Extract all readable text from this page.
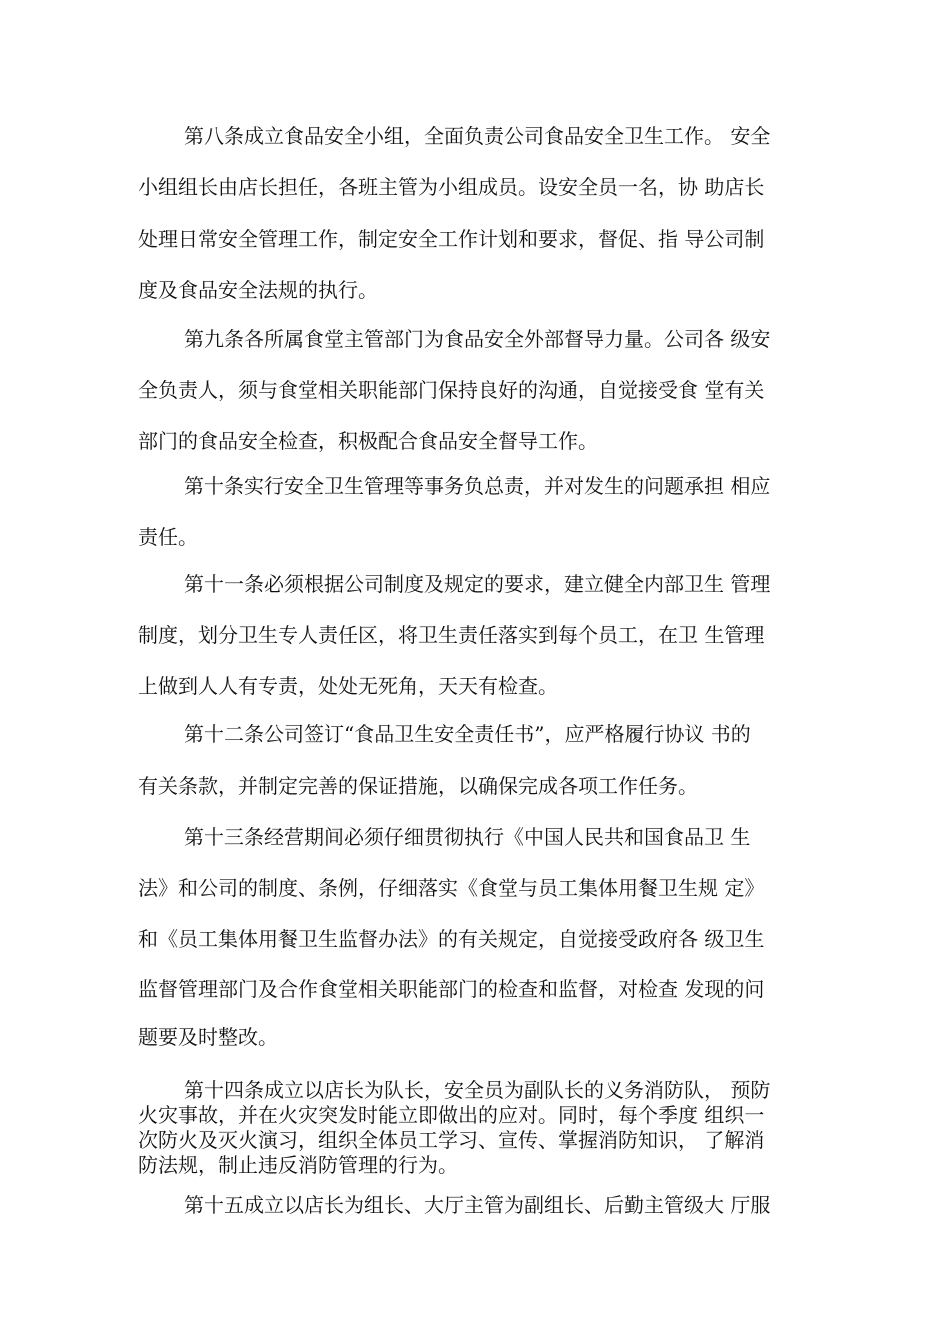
第八条成立食品安全小组，全面负责公司食品安全卫生工作。 安全
小组组长由店长担任，各班主管为小组成员。设安全员一名，协 助店长
处理日常安全管理工作，制定安全工作计划和要求，督促、指 导公司制
度及食品安全法规的执行。
第九条各所属食堂主管部门为食品安全外部督导力量。公司各 级安
全负责人，须与食堂相关职能部门保持良好的沟通，自觉接受食 堂有关
部门的食品安全检查，积极配合食品安全督导工作。
第十条实行安全卫生管理等事务负总责，并对发生的问题承担 相应
责任。
第十一条必须根据公司制度及规定的要求，建立健全内部卫生 管理
制度，划分卫生专人责任区，将卫生责任落实到每个员工，在卫 生管理
上做到人人有专责，处处无死角，天天有检查。
第十二条公司签订“食品卫生安全责任书”，应严格履行协议 书的
有关条款，并制定完善的保证措施，以确保完成各项工作任务。
第十三条经营期间必须仔细贯彻执行《中国人民共和国食品卫 生
法》和公司的制度、条例，仔细落实《食堂与员工集体用餐卫生规 定》
和《员工集体用餐卫生监督办法》的有关规定，自觉接受政府各 级卫生
监督管理部门及合作食堂相关职能部门的检查和监督，对检查 发现的问
题要及时整改。
第十四条成立以店长为队长，安全员为副队长的义务消防队， 预防
火灾事故，并在火灾突发时能立即做出的应对。同时，每个季度 组织一
次防火及灭火演习，组织全体员工学习、宣传、掌握消防知识， 了解消
防法规，制止违反消防管理的行为。
第十五成立以店长为组长、大厅主管为副组长、后勤主管级大 厅服
